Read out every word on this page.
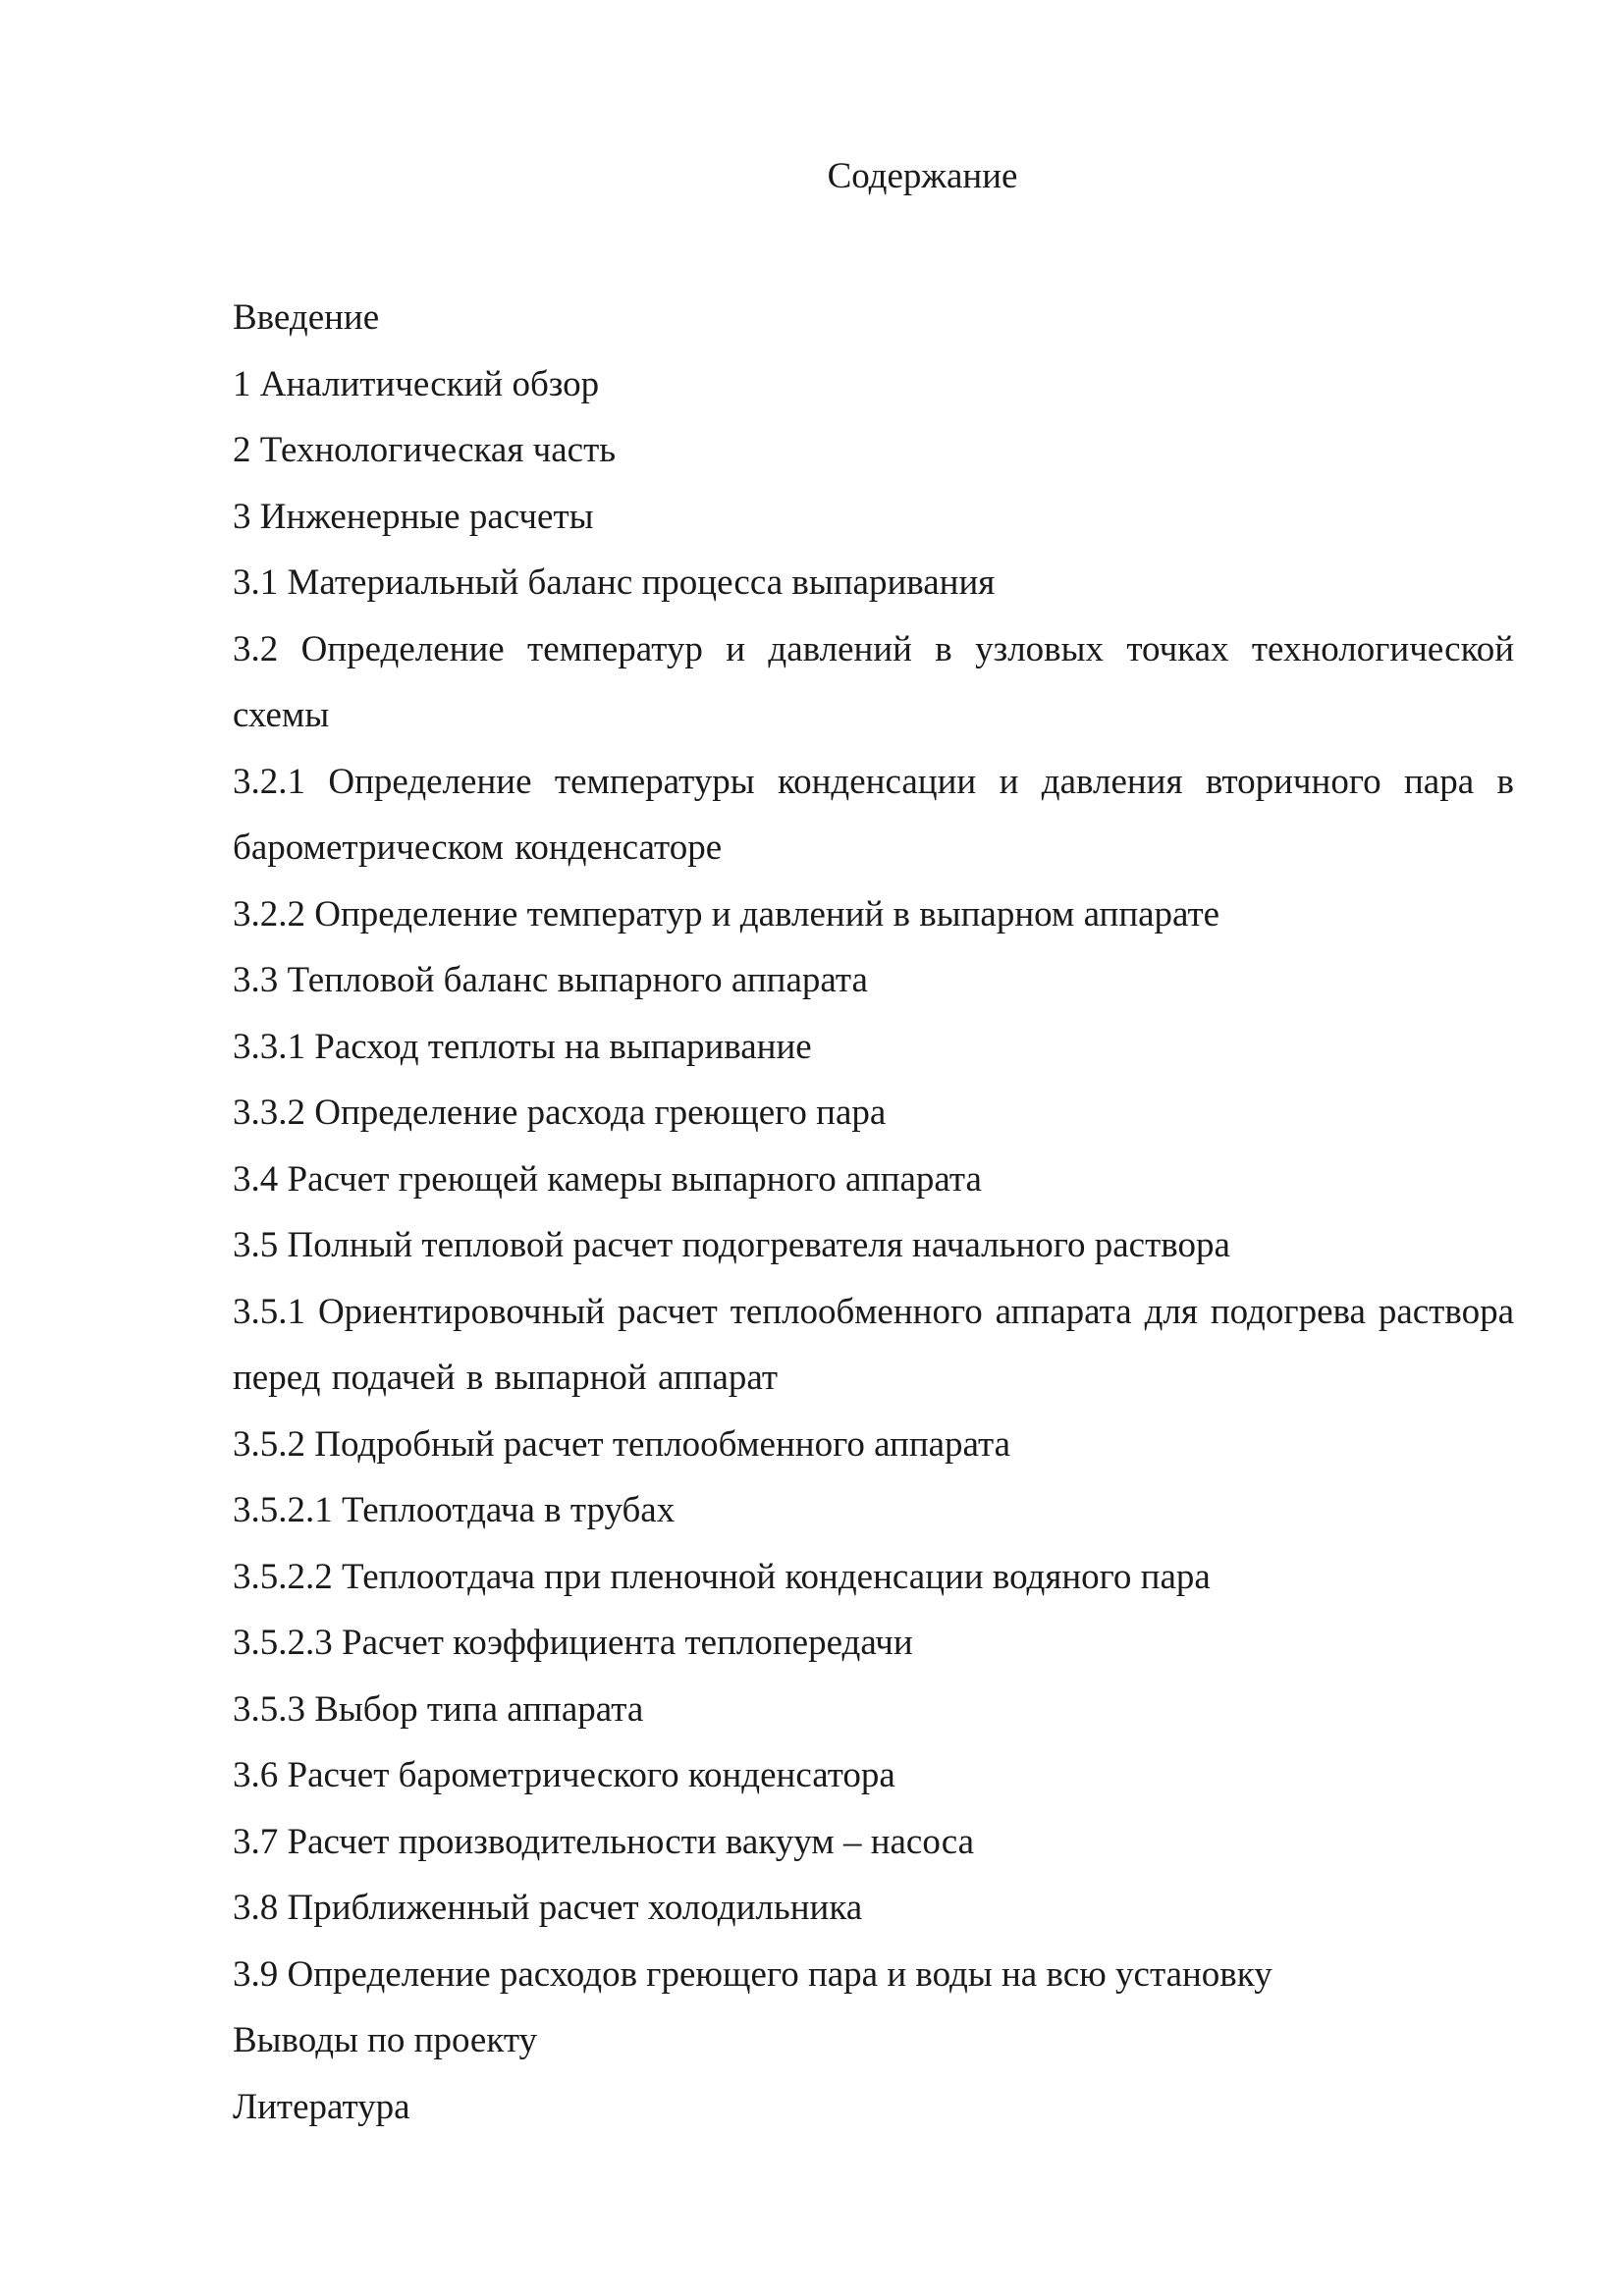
Содержание
Введение
1 Аналитический обзор
2 Технологическая часть
3 Инженерные расчеты
3.1 Материальный баланс процесса выпаривания
3.2 Определение температур и давлений в узловых точках технологической схемы
3.2.1 Определение температуры конденсации и давления вторичного пара в барометрическом конденсаторе
3.2.2 Определение температур и давлений в выпарном аппарате
3.3 Тепловой баланс выпарного аппарата
3.3.1 Расход теплоты на выпаривание
3.3.2 Определение расхода греющего пара
3.4 Расчет греющей камеры выпарного аппарата
3.5 Полный тепловой расчет подогревателя начального раствора
3.5.1 Ориентировочный расчет теплообменного аппарата для подогрева раствора перед подачей в выпарной аппарат
3.5.2 Подробный расчет теплообменного аппарата
3.5.2.1 Теплоотдача в трубах
3.5.2.2 Теплоотдача при пленочной конденсации водяного пара
3.5.2.3 Расчет коэффициента теплопередачи
3.5.3 Выбор типа аппарата
3.6 Расчет барометрического конденсатора
3.7 Расчет производительности вакуум – насоса
3.8 Приближенный расчет холодильника
3.9 Определение расходов греющего пара и воды на всю установку
Выводы по проекту
Литература
